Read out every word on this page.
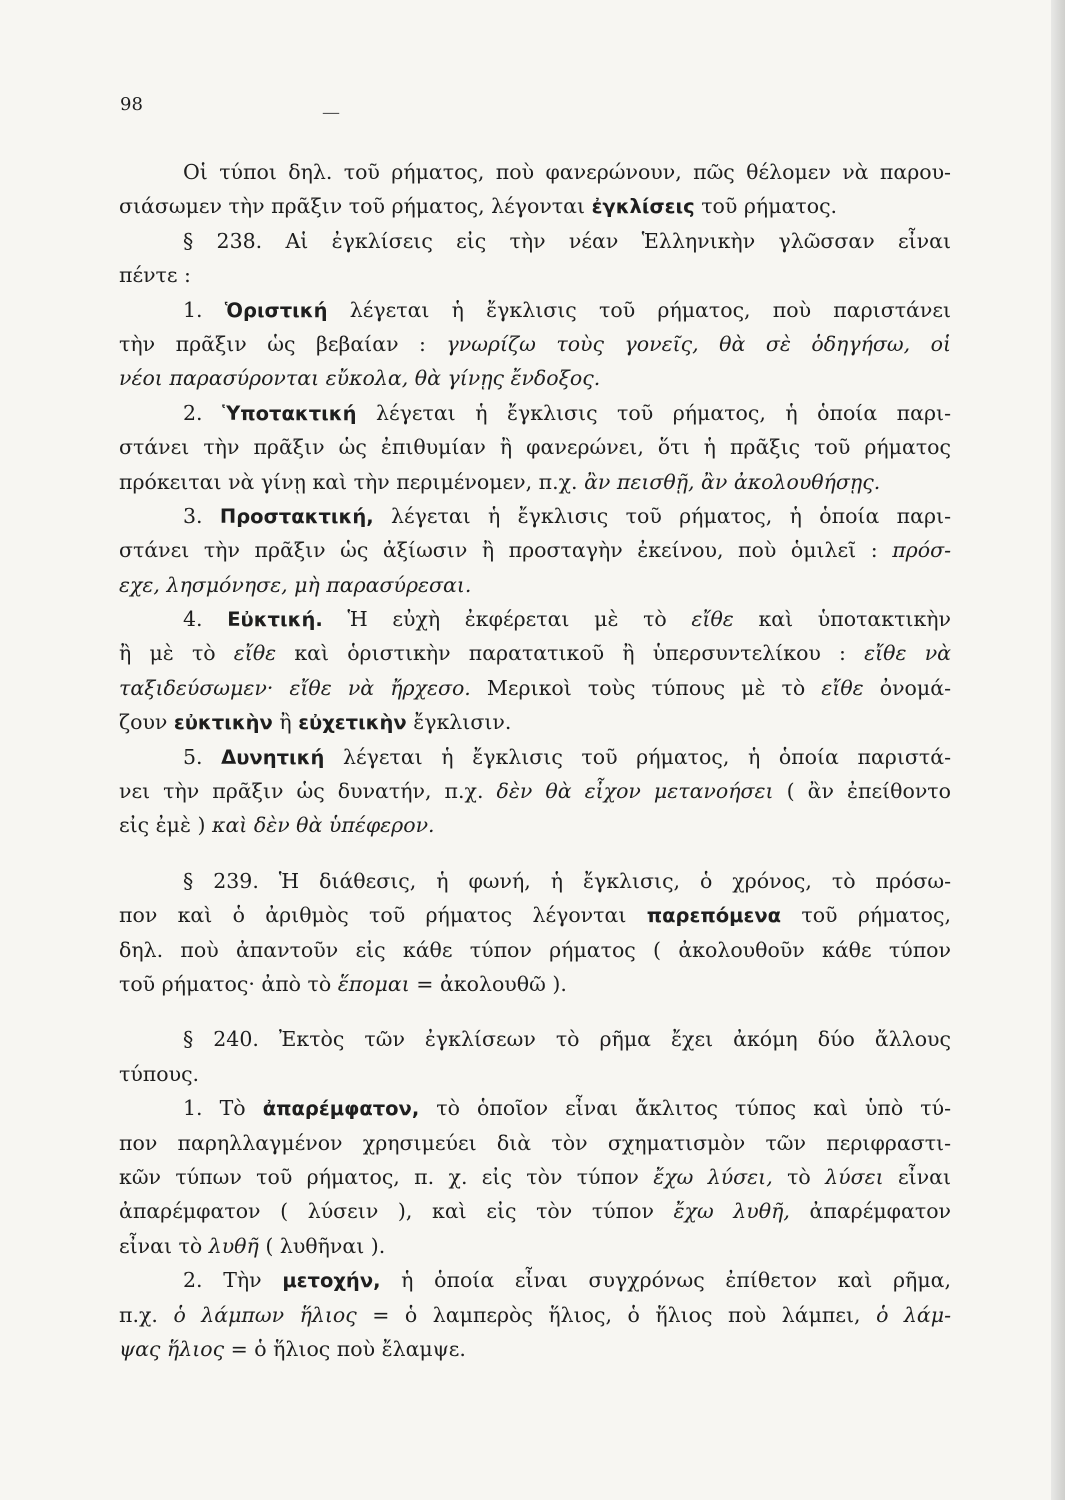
98	—
Οἱ τύποι δηλ. τοῦ ρήματος, ποὺ φανερώνουν, πῶς θέλομεν νὰ παρου-
σιάσωμεν τὴν πρᾶξιν τοῦ ρήματος, λέγονται ἐγκλίσεις τοῦ ρήματος.
§ 238. Αἱ ἐγκλίσεις εἰς τὴν νέαν Ἑλληνικὴν γλῶσσαν εἶναι
πέντε :
1. Ὁριστική λέγεται ἡ ἔγκλισις τοῦ ρήματος, ποὺ παριστάνει
τὴν πρᾶξιν ὡς βεβαίαν : γνωρίζω τοὺς γονεῖς, θὰ σὲ ὁδηγήσω, οἱ
νέοι παρασύρονται εὔκολα, θὰ γίνῃς ἔνδοξος.
2. Ὑποτακτική λέγεται ἡ ἔγκλισις τοῦ ρήματος, ἡ ὁποία παρι-
στάνει τὴν πρᾶξιν ὡς ἐπιθυμίαν ἢ φανερώνει, ὅτι ἡ πρᾶξις τοῦ ρήματος
πρόκειται νὰ γίνῃ καὶ τὴν περιμένομεν, π.χ. ἂν πεισθῇ, ἂν ἀκολουθήσῃς.
3. Προστακτική, λέγεται ἡ ἔγκλισις τοῦ ρήματος, ἡ ὁποία παρι-
στάνει τὴν πρᾶξιν ὡς ἀξίωσιν ἢ προσταγὴν ἐκείνου, ποὺ ὁμιλεῖ : πρόσ-
εχε, λησμόνησε, μὴ παρασύρεσαι.
4. Εὐκτική. Ἡ εὐχὴ ἐκφέρεται μὲ τὸ εἴθε καὶ ὑποτακτικὴν
ἢ μὲ τὸ εἴθε καὶ ὁριστικὴν παρατατικοῦ ἢ ὑπερσυντελίκου : εἴθε νὰ
ταξιδεύσωμεν· εἴθε νὰ ἤρχεσο. Μερικοὶ τοὺς τύπους μὲ τὸ εἴθε ὀνομά-
ζουν εὐκτικὴν ἢ εὐχετικὴν ἔγκλισιν.
5. Δυνητική λέγεται ἡ ἔγκλισις τοῦ ρήματος, ἡ ὁποία παριστά-
νει τὴν πρᾶξιν ὡς δυνατήν, π.χ. δὲν θὰ εἶχον μετανοήσει ( ἂν ἐπείθοντο
εἰς ἐμὲ ) καὶ δὲν θὰ ὑπέφερον.
§ 239. Ἡ διάθεσις, ἡ φωνή, ἡ ἔγκλισις, ὁ χρόνος, τὸ πρόσω-
πον καὶ ὁ ἀριθμὸς τοῦ ρήματος λέγονται παρεπόμενα τοῦ ρήματος,
δηλ. ποὺ ἀπαντοῦν εἰς κάθε τύπον ρήματος ( ἀκολουθοῦν κάθε τύπον
τοῦ ρήματος· ἀπὸ τὸ ἕπομαι = ἀκολουθῶ ).
§ 240. Ἐκτὸς τῶν ἐγκλίσεων τὸ ρῆμα ἔχει ἀκόμη δύο ἄλλους
τύπους.
1. Τὸ ἀπαρέμφατον, τὸ ὁποῖον εἶναι ἄκλιτος τύπος καὶ ὑπὸ τύ-
πον παρηλλαγμένον χρησιμεύει διὰ τὸν σχηματισμὸν τῶν περιφραστι-
κῶν τύπων τοῦ ρήματος, π. χ. εἰς τὸν τύπον ἔχω λύσει, τὸ λύσει εἶναι
ἀπαρέμφατον ( λύσειν ), καὶ εἰς τὸν τύπον ἔχω λυθῆ, ἀπαρέμφατον
εἶναι τὸ λυθῆ ( λυθῆναι ).
2. Τὴν μετοχήν, ἡ ὁποία εἶναι συγχρόνως ἐπίθετον καὶ ρῆμα,
π.χ. ὁ λάμπων ἥλιος = ὁ λαμπερὸς ἥλιος, ὁ ἥλιος ποὺ λάμπει, ὁ λάμ-
ψας ἥλιος = ὁ ἥλιος ποὺ ἔλαμψε.
